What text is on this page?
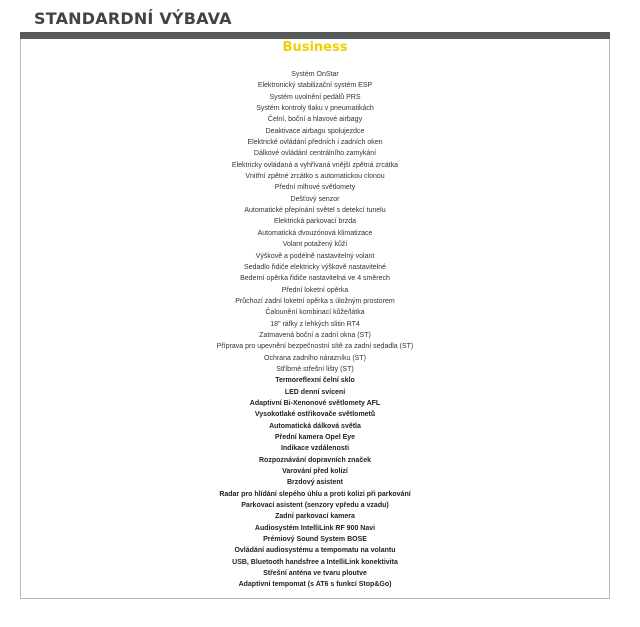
STANDARDNÍ VÝBAVA
Business
Systém OnStar
Elektronický stabilizační systém ESP
Systém uvolnění pedálů PRS
Systém kontroly tlaku v pneumatikách
Čelní, boční a hlavové airbagy
Deaktivace airbagu spolujezdce
Elektrické ovládání předních i zadních oken
Dálkové ovládání centrálního zamykání
Elektricky ovládaná a vyhřívaná vnější zpětná zrcátka
Vnitřní zpětné zrcátko s automatickou clonou
Přední mlhové světlomety
Dešťový senzor
Automatické přepínání světel s detekcí tunelu
Elektrická parkovací brzda
Automatická dvouzónová klimatizace
Volant potažený kůží
Výškově a podélně nastavitelný volant
Sedadlo řidiče elektricky výškově nastavitelné
Bederní opěrka řidiče nastavitelná ve 4 směrech
Přední loketní opěrka
Průchozí zadní loketní opěrka s úložným prostorem
Čalounění kombinací kůže/látka
18" ráfky z lehkých slitin RT4
Zatmavená boční a zadní okna (ST)
Příprava pro upevnění bezpečnostní sítě za zadní sedadla (ST)
Ochrana zadního nárazníku (ST)
Stříbrné střešní lišty (ST)
Termoreflexní čelní sklo
LED denní svícení
Adaptivní Bi-Xenonové světlomety AFL
Vysokotlaké ostřikovače světlometů
Automatická dálková světla
Přední kamera Opel Eye
Indikace vzdálenosti
Rozpoznávání dopravních značek
Varování před kolizí
Brzdový asistent
Radar pro hlídání slepého úhlu a proti kolizi při parkování
Parkovací asistent (senzory vpředu a vzadu)
Zadní parkovací kamera
Audiosystém IntelliLink RF 900 Navi
Prémiový Sound System BOSE
Ovládání audiosystému a tempomatu na volantu
USB, Bluetooth handsfree a IntelliLink konektivita
Střešní anténa ve tvaru ploutve
Adaptivní tempomat (s AT6 s funkcí Stop&Go)
